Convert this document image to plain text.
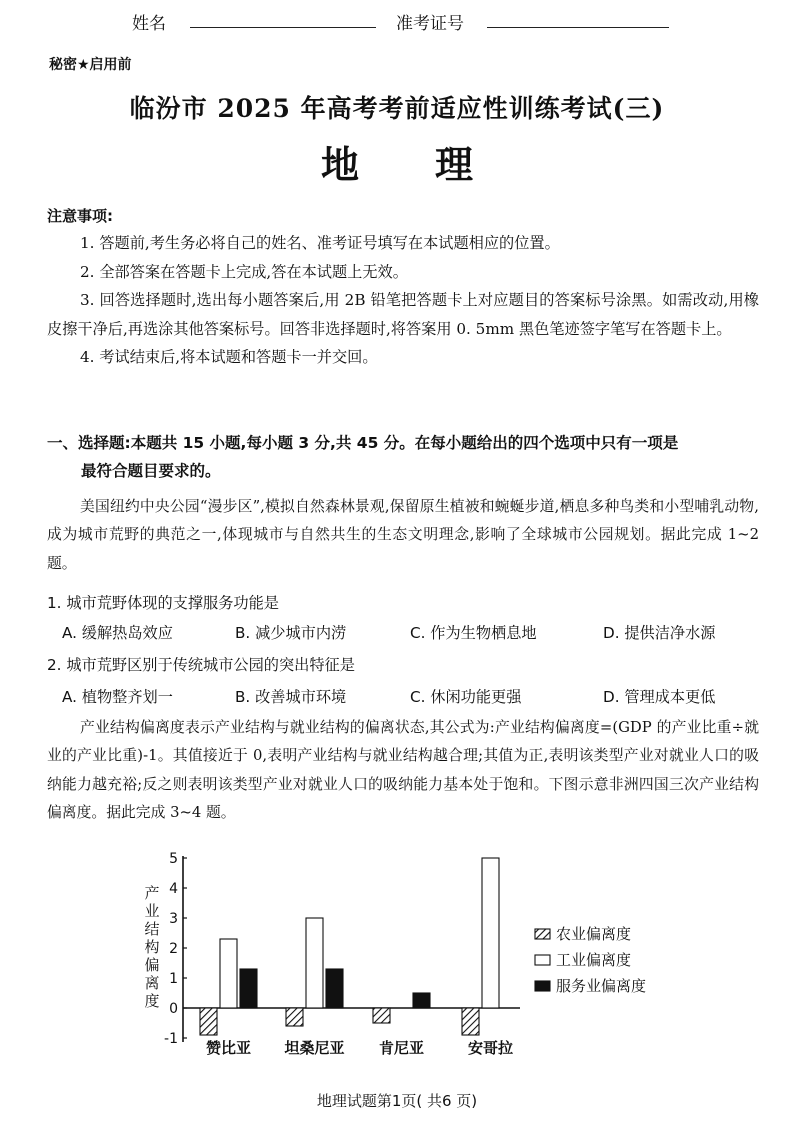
姓名	准考证号
秘密★启用前
临汾市 2025 年高考考前适应性训练考试(三)
地 理
注意事项:
1. 答题前,考生务必将自己的姓名、准考证号填写在本试题相应的位置。
2. 全部答案在答题卡上完成,答在本试题上无效。
3. 回答选择题时,选出每小题答案后,用 2B 铅笔把答题卡上对应题目的答案标号涂黑。如需改动,用橡皮擦干净后,再选涂其他答案标号。回答非选择题时,将答案用 0. 5mm 黑色笔迹签字笔写在答题卡上。
4. 考试结束后,将本试题和答题卡一并交回。
一、选择题:本题共 15 小题,每小题 3 分,共 45 分。在每小题给出的四个选项中只有一项是
最符合题目要求的。
美国纽约中央公园“漫步区”,模拟自然森林景观,保留原生植被和蜿蜒步道,栖息多种鸟类和小型哺乳动物,成为城市荒野的典范之一,体现城市与自然共生的生态文明理念,影响了全球城市公园规划。据此完成 1~2 题。
1. 城市荒野体现的支撑服务功能是
A. 缓解热岛效应	B. 减少城市内涝	C. 作为生物栖息地	D. 提供洁净水源
2. 城市荒野区别于传统城市公园的突出特征是
A. 植物整齐划一	B. 改善城市环境	C. 休闲功能更强	D. 管理成本更低
产业结构偏离度表示产业结构与就业结构的偏离状态,其公式为:产业结构偏离度=(GDP 的产业比重÷就业的产业比重)-1。其值接近于 0,表明产业结构与就业结构越合理;其值为正,表明该类型产业对就业人口的吸纳能力越充裕;反之则表明该类型产业对就业人口的吸纳能力基本处于饱和。下图示意非洲四国三次产业结构偏离度。据此完成 3~4 题。
-1
0
1
2
3
4
5
产
业
结
构
偏
离
度
赞比亚 坦桑尼亚 肯尼亚	安哥拉
农业偏离度
工业偏离度
服务业偏离度
地理试题第1页( 共6 页)
